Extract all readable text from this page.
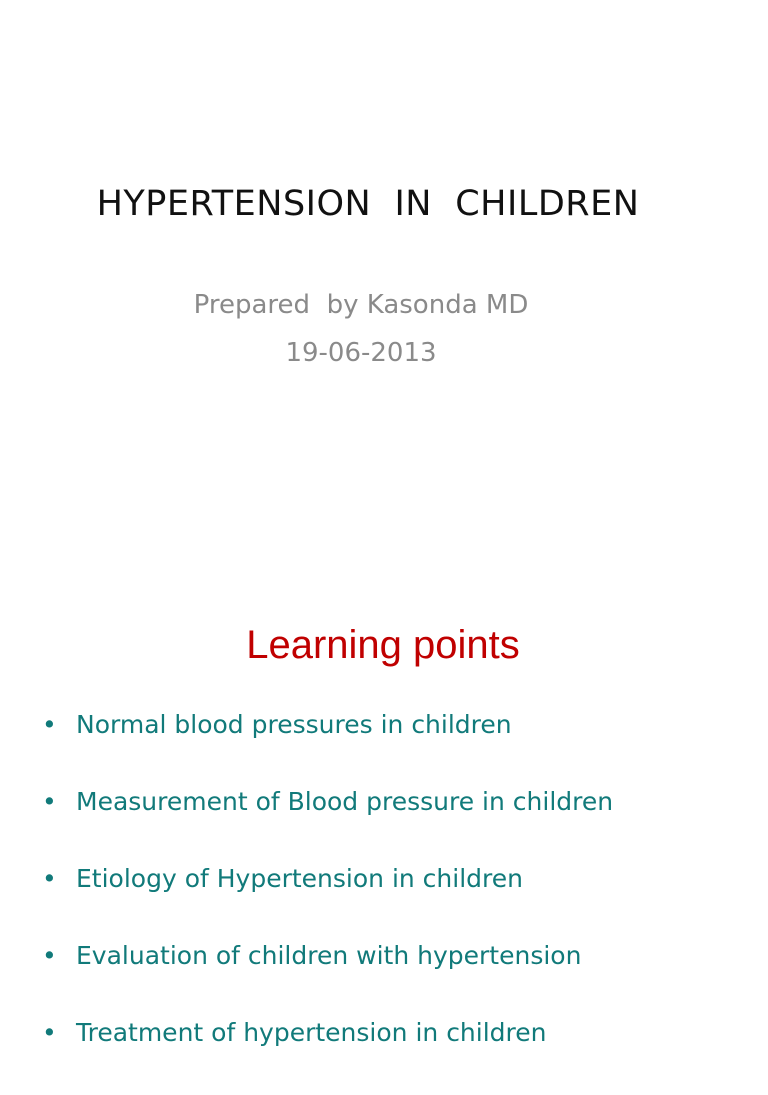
HYPERTENSION  IN  CHILDREN
Prepared  by Kasonda MD
19-06-2013
Learning points
• Normal blood pressures in children
• Measurement of Blood pressure in children
• Etiology of Hypertension in children
• Evaluation of children with hypertension
• Treatment of hypertension in children
